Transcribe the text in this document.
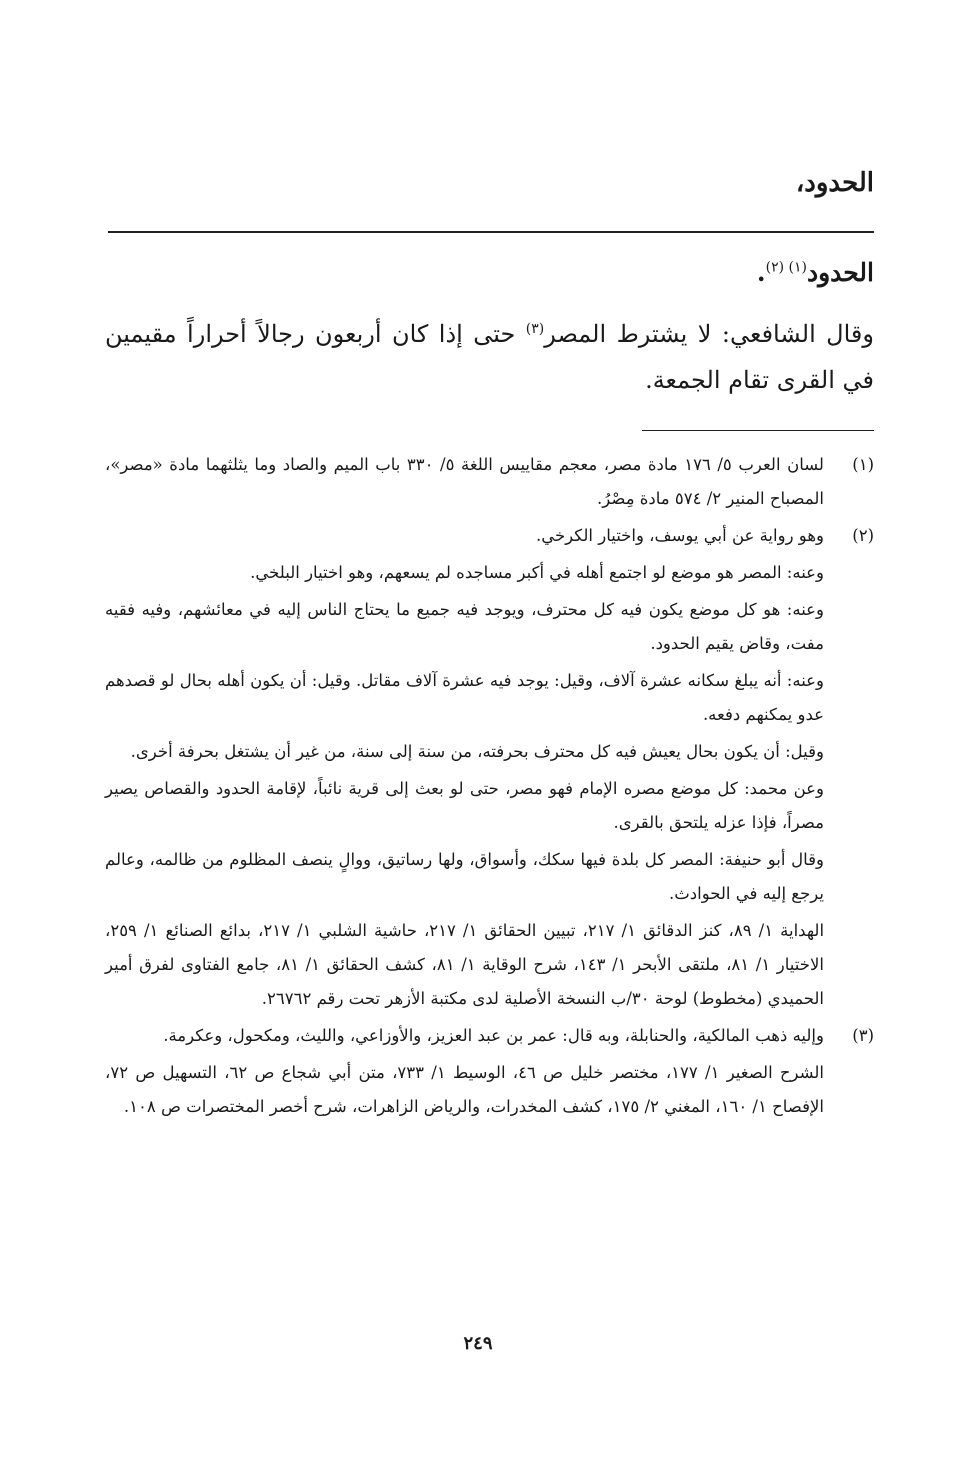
الحدود،
الحدود$^{(١) (٢)}$.

وقال الشافعي: لا يشترط المصر$^{(٣)}$ حتى إذا كان أربعون رجالاً أحراراً مقيمين في القرى تقام الجمعة.

(١)

لسان العرب ٥/ ١٧٦ مادة مصر، معجم مقاييس اللغة ٥/ ٣٣٠ باب الميم والصاد وما يثلثهما مادة «مصر»، المصباح المنير ٢/ ٥٧٤ مادة مِصْرُ.

(٢)

وهو رواية عن أبي يوسف، واختيار الكرخي.

وعنه: المصر هو موضع لو اجتمع أهله في أكبر مساجده لم يسعهم، وهو اختيار البلخي.

وعنه: هو كل موضع يكون فيه كل محترف، ويوجد فيه جميع ما يحتاج الناس إليه في معائشهم، وفيه فقيه مفت، وقاض يقيم الحدود.

وعنه: أنه يبلغ سكانه عشرة آلاف، وقيل: يوجد فيه عشرة آلاف مقاتل. وقيل: أن يكون أهله بحال لو قصدهم عدو يمكنهم دفعه.

وقيل: أن يكون بحال يعيش فيه كل محترف بحرفته، من سنة إلى سنة، من غير أن يشتغل بحرفة أخرى.

وعن محمد: كل موضع مصره الإمام فهو مصر، حتى لو بعث إلى قرية نائباً، لإقامة الحدود والقصاص يصير مصراً، فإذا عزله يلتحق بالقرى.

وقال أبو حنيفة: المصر كل بلدة فيها سكك، وأسواق، ولها رساتيق، ووالٍ ينصف المظلوم من ظالمه، وعالم يرجع إليه في الحوادث.

الهداية ١/ ٨٩، كنز الدقائق ١/ ٢١٧، تبيين الحقائق ١/ ٢١٧، حاشية الشلبي ١/ ٢١٧، بدائع الصنائع ١/ ٢٥٩، الاختيار ١/ ٨١، ملتقى الأبحر ١/ ١٤٣، شرح الوقاية ١/ ٨١، كشف الحقائق ١/ ٨١، جامع الفتاوى لفرق أمير الحميدي (مخطوط) لوحة ٣٠/ب النسخة الأصلية لدى مكتبة الأزهر تحت رقم ٢٦٧٦٢.

(٣)

وإليه ذهب المالكية، والحنابلة، وبه قال: عمر بن عبد العزيز، والأوزاعي، والليث، ومكحول، وعكرمة.

الشرح الصغير ١/ ١٧٧، مختصر خليل ص ٤٦، الوسيط ١/ ٧٣٣، متن أبي شجاع ص ٦٢، التسهيل ص ٧٢، الإفصاح ١/ ١٦٠، المغني ٢/ ١٧٥، كشف المخدرات، والرياض الزاهرات، شرح أخصر المختصرات ص ١٠٨.

٢٤٩
